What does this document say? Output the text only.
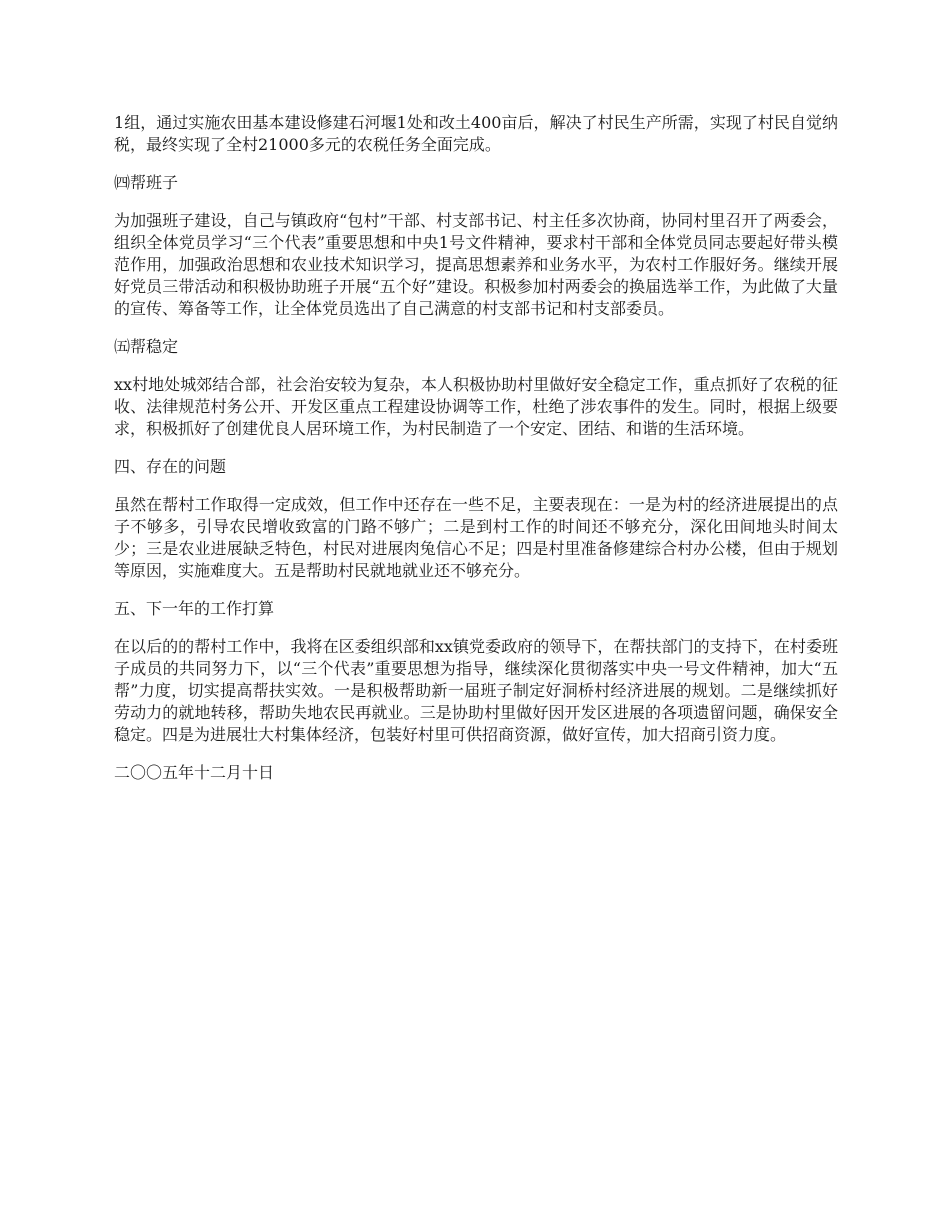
1组，通过实施农田基本建设修建石河堰1处和改土400亩后，解决了村民生产所需，实现了村民自觉纳税，最终实现了全村21000多元的农税任务全面完成。

㈣帮班子

为加强班子建设，自己与镇政府“包村”干部、村支部书记、村主任多次协商，协同村里召开了两委会，组织全体党员学习“三个代表”重要思想和中央1号文件精神，要求村干部和全体党员同志要起好带头模范作用，加强政治思想和农业技术知识学习，提高思想素养和业务水平，为农村工作服好务。继续开展好党员三带活动和积极协助班子开展“五个好”建设。积极参加村两委会的换届选举工作，为此做了大量的宣传、筹备等工作，让全体党员选出了自己满意的村支部书记和村支部委员。

㈤帮稳定

xx村地处城郊结合部，社会治安较为复杂，本人积极协助村里做好安全稳定工作，重点抓好了农税的征收、法律规范村务公开、开发区重点工程建设协调等工作，杜绝了涉农事件的发生。同时，根据上级要求，积极抓好了创建优良人居环境工作，为村民制造了一个安定、团结、和谐的生活环境。

四、存在的问题

虽然在帮村工作取得一定成效，但工作中还存在一些不足，主要表现在：一是为村的经济进展提出的点子不够多，引导农民增收致富的门路不够广；二是到村工作的时间还不够充分，深化田间地头时间太少；三是农业进展缺乏特色，村民对进展肉兔信心不足；四是村里准备修建综合村办公楼，但由于规划等原因，实施难度大。五是帮助村民就地就业还不够充分。

五、下一年的工作打算

在以后的的帮村工作中，我将在区委组织部和xx镇党委政府的领导下，在帮扶部门的支持下，在村委班子成员的共同努力下，以“三个代表”重要思想为指导，继续深化贯彻落实中央一号文件精神，加大“五帮”力度，切实提高帮扶实效。一是积极帮助新一届班子制定好洞桥村经济进展的规划。二是继续抓好劳动力的就地转移，帮助失地农民再就业。三是协助村里做好因开发区进展的各项遗留问题，确保安全稳定。四是为进展壮大村集体经济，包装好村里可供招商资源，做好宣传，加大招商引资力度。

二〇〇五年十二月十日
